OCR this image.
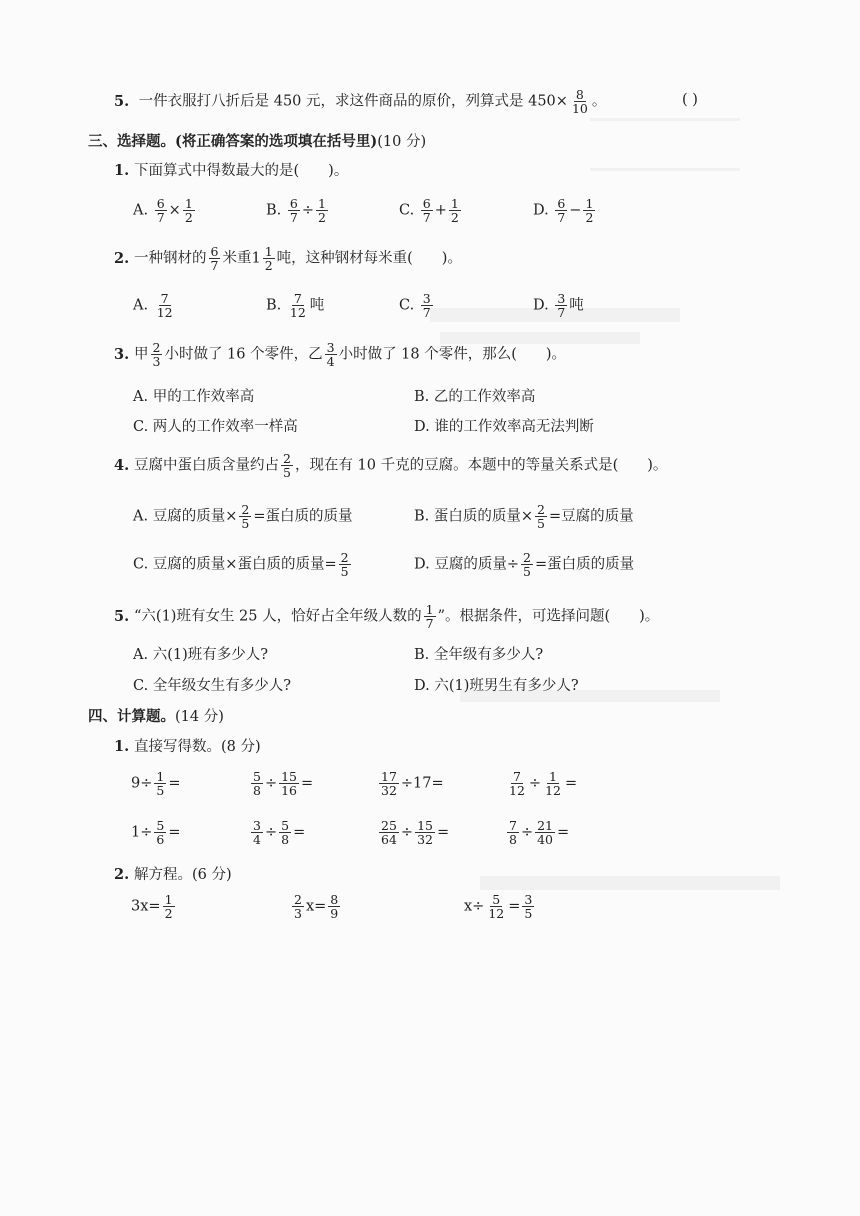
5. 一件衣服打八折后是 450 元，求这件商品的原价，列算式是 $450\times \frac{8}{10}$ 。	( )
三、选择题。(将正确答案的选项填在括号里)(10 分)
1. 下面算式中得数最大的是(　　)。
A. $\frac{6}{7} \times \frac{1}{2}$	B. $\frac{6}{7} \div \frac{1}{2}$	C. $\frac{6}{7} + \frac{1}{2}$	D. $\frac{6}{7} - \frac{1}{2}$
2. 一种钢材的 $\frac{6}{7}$ 米重$1 \frac{1}{2}$ 吨，这种钢材每米重(　　)。
A. $\frac{7}{12}$	B. $\frac{7}{12}$ 吨	C. $\frac{3}{7}$	D. $\frac{3}{7}$ 吨
3. 甲 $\frac{2}{3}$ 小时做了 16 个零件，乙 $\frac{3}{4}$ 小时做了 18 个零件，那么(　　)。
A. 甲的工作效率高	B. 乙的工作效率高
C. 两人的工作效率一样高	D. 谁的工作效率高无法判断
4. 豆腐中蛋白质含量约占 $\frac{2}{5}$ ，现在有 10 千克的豆腐。本题中的等量关系式是(　　)。
A. 豆腐的质量× $\frac{2}{5}$ =蛋白质的质量	B. 蛋白质的质量× $\frac{2}{5}$ =豆腐的质量
C. 豆腐的质量×蛋白质的质量= $\frac{2}{5}$	D. 豆腐的质量÷ $\frac{2}{5}$ =蛋白质的质量
5. “六(1)班有女生 25 人，恰好占全年级人数的 $\frac{1}{7}$ ”。根据条件，可选择问题(　　)。
A. 六(1)班有多少人?	B. 全年级有多少人?
C. 全年级女生有多少人?	D. 六(1)班男生有多少人?
四、计算题。(14 分)
1. 直接写得数。(8 分)
$9\div \frac{1}{5}$ =	$\frac{5}{8} \div \frac{15}{16}$ =	$\frac{17}{32} \div 17=$	$\frac{7}{12} \div \frac{1}{12}$ =
$1\div \frac{5}{6}$ =	$\frac{3}{4} \div \frac{5}{8}$ =	$\frac{25}{64} \div \frac{15}{32}$ =	$\frac{7}{8} \div \frac{21}{40}$ =
2. 解方程。(6 分)
$3x= \frac{1}{2}$	$\frac{2}{3} x= \frac{8}{9}$	$x\div \frac{5}{12} = \frac{3}{5}$
